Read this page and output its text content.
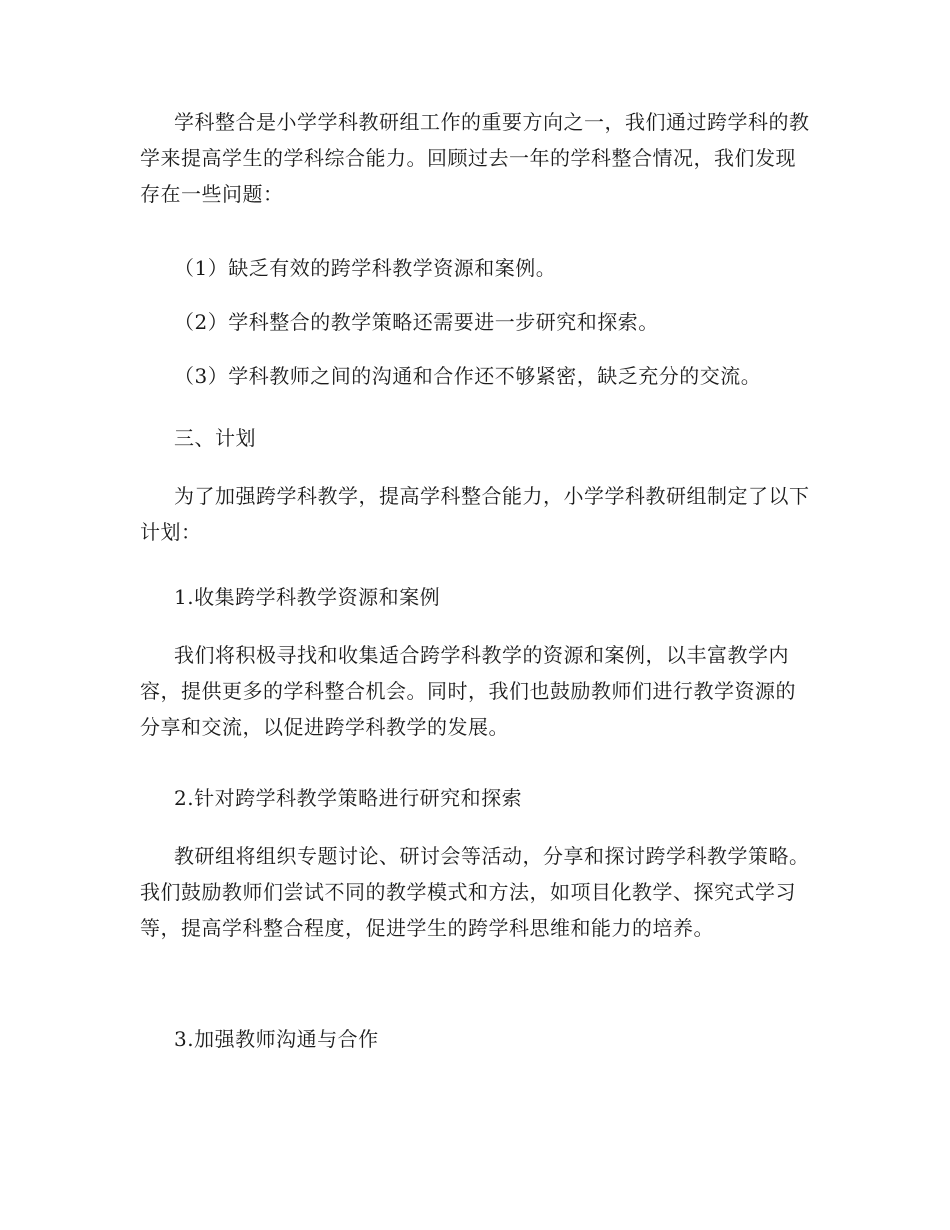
学科整合是小学学科教研组工作的重要方向之一，我们通过跨学科的教学来提高学生的学科综合能力。回顾过去一年的学科整合情况，我们发现存在一些问题：

（1）缺乏有效的跨学科教学资源和案例。

（2）学科整合的教学策略还需要进一步研究和探索。

（3）学科教师之间的沟通和合作还不够紧密，缺乏充分的交流。

三、计划

为了加强跨学科教学，提高学科整合能力，小学学科教研组制定了以下计划：

1.收集跨学科教学资源和案例

我们将积极寻找和收集适合跨学科教学的资源和案例，以丰富教学内容，提供更多的学科整合机会。同时，我们也鼓励教师们进行教学资源的分享和交流，以促进跨学科教学的发展。

2.针对跨学科教学策略进行研究和探索

教研组将组织专题讨论、研讨会等活动，分享和探讨跨学科教学策略。我们鼓励教师们尝试不同的教学模式和方法，如项目化教学、探究式学习等，提高学科整合程度，促进学生的跨学科思维和能力的培养。

3.加强教师沟通与合作
